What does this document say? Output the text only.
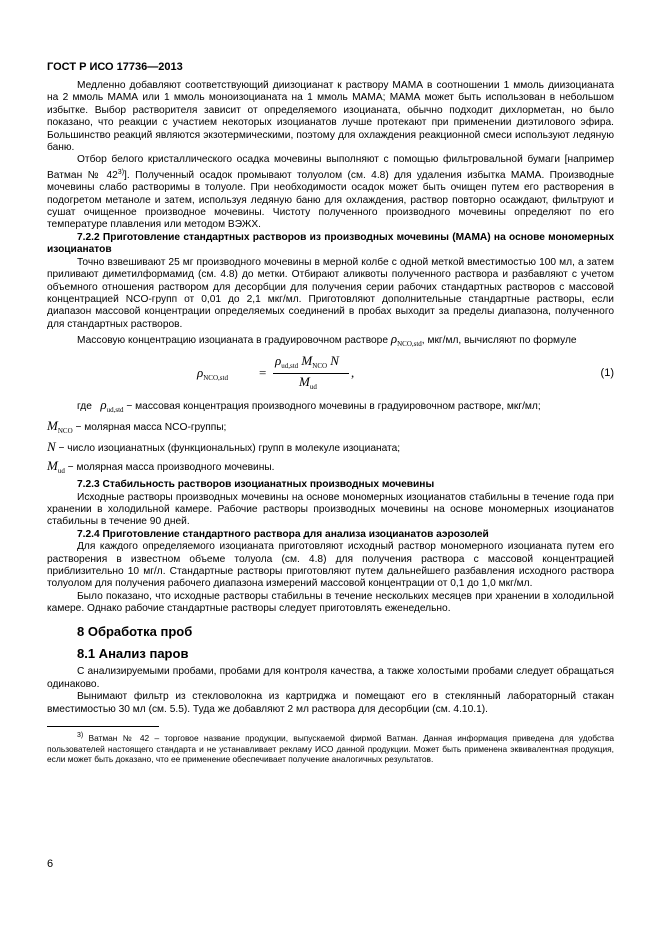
ГОСТ Р ИСО 17736—2013

Медленно добавляют соответствующий диизоцианат к раствору МАМА в соотношении 1 ммоль диизоцианата на 2 ммоль МАМА или 1 ммоль моноизоцианата на 1 ммоль МАМА; МАМА может быть использован в небольшом избытке. Выбор растворителя зависит от определяемого изоцианата, обычно подходит дихлорметан, но было показано, что реакции с участием некоторых изоцианатов лучше протекают при применении диэтилового эфира. Большинство реакций являются экзотермическими, поэтому для охлаждения реакционной смеси используют ледяную баню.

Отбор белого кристаллического осадка мочевины выполняют с помощью фильтровальной бумаги [например Ватман № 42$^{3)}$]. Полученный осадок промывают толуолом (см. 4.8) для удаления избытка МАМА. Производные мочевины слабо растворимы в толуоле. При необходимости осадок может быть очищен путем его растворения в подогретом метаноле и затем, используя ледяную баню для охлаждения, раствор повторно осаждают, фильтруют и сушат очищенное производное мочевины. Чистоту полученного производного мочевины определяют по его температуре плавления или методом ВЭЖХ.

7.2.2 Приготовление стандартных растворов из производных мочевины (МАМА) на основе мономерных изоцианатов

Точно взвешивают 25 мг производного мочевины в мерной колбе с одной меткой вместимостью 100 мл, а затем приливают диметилформамид (см. 4.8) до метки. Отбирают аликвоты полученного раствора и разбавляют с учетом объемного отношения раствором для десорбции для получения серии рабочих стандартных растворов с массовой концентрацией NCO-групп от 0,01 до 2,1 мкг/мл. Приготовляют дополнительные стандартные растворы, если диапазон массовой концентрации определяемых соединений в пробах выходит за пределы диапазона, полученного для стандартных растворов.

Массовую концентрацию изоцианата в градуировочном растворе $\rho_{NCO,std}$, мкг/мл, вычисляют по формуле

$\rho_{NCO,std}$ =
$\rho_{ud,std}$ $M_{NCO}$ N
$M_{ud}$
,	(1)

где $\rho_{ud,std}$ − массовая концентрация производного мочевины в градуировочном растворе, мкг/мл;

$M_{NCO}$ − молярная масса NCO-группы;

N − число изоцианатных (функциональных) групп в молекуле изоцианата;

$M_{ud}$ − молярная масса производного мочевины.

7.2.3 Стабильность растворов изоцианатных производных мочевины

Исходные растворы производных мочевины на основе мономерных изоцианатов стабильны в течение года при хранении в холодильной камере. Рабочие растворы производных мочевины на основе мономерных изоцианатов стабильны в течение 90 дней.

7.2.4 Приготовление стандартного раствора для анализа изоцианатов аэрозолей

Для каждого определяемого изоцианата приготовляют исходный раствор мономерного изоцианата путем его растворения в известном объеме толуола (см. 4.8) для получения раствора с массовой концентрацией приблизительно 10 мг/л. Стандартные растворы приготовляют путем дальнейшего разбавления исходного раствора толуолом для получения рабочего диапазона измерений массовой концентрации от 0,1 до 1,0 мкг/мл.

Было показано, что исходные растворы стабильны в течение нескольких месяцев при хранении в холодильной камере. Однако рабочие стандартные растворы следует приготовлять еженедельно.

8 Обработка проб

8.1 Анализ паров

С анализируемыми пробами, пробами для контроля качества, а также холостыми пробами следует обращаться одинаково.

Вынимают фильтр из стекловолокна из картриджа и помещают его в стеклянный лабораторный стакан вместимостью 30 мл (см. 5.5). Туда же добавляют 2 мл раствора для десорбции (см. 4.10.1).

$^{3)}$ Ватман № 42 – торговое название продукции, выпускаемой фирмой Ватман. Данная информация приведена для удобства пользователей настоящего стандарта и не устанавливает рекламу ИСО данной продукции. Может быть применена эквивалентная продукция, если может быть доказано, что ее применение обеспечивает получение аналогичных результатов.

6
